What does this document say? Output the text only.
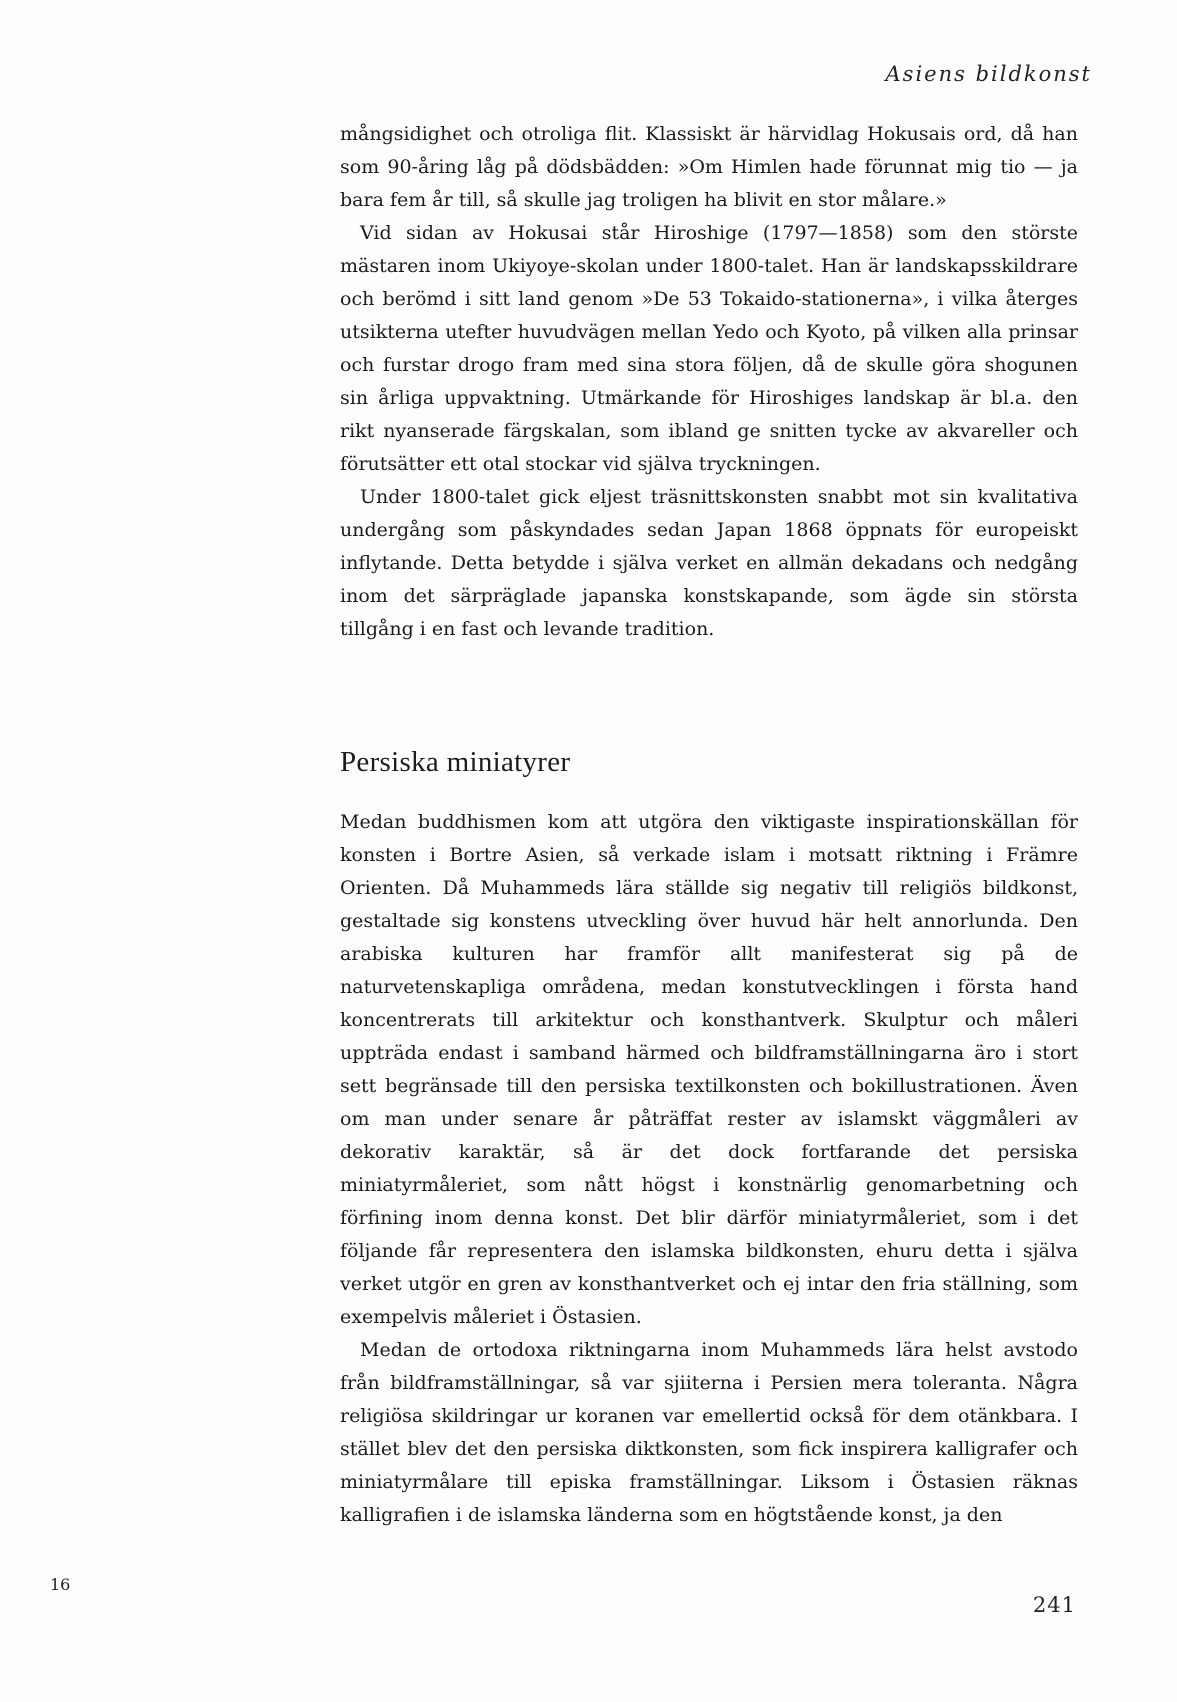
Asiens bildkonst

mångsidighet och otroliga flit. Klassiskt är härvidlag Hokusais ord, då han som 90-åring låg på dödsbädden: »Om Himlen hade förunnat mig tio — ja bara fem år till, så skulle jag troligen ha blivit en stor målare.»

Vid sidan av Hokusai står Hiroshige (1797—1858) som den störste mästaren inom Ukiyoye-skolan under 1800-talet. Han är landskapsskildrare och berömd i sitt land genom »De 53 Tokaido-stationerna», i vilka återges utsikterna utefter huvudvägen mellan Yedo och Kyoto, på vilken alla prinsar och furstar drogo fram med sina stora följen, då de skulle göra shogunen sin årliga uppvaktning. Utmärkande för Hiroshiges landskap är bl.a. den rikt nyanserade färgskalan, som ibland ge snitten tycke av akvareller och förutsätter ett otal stockar vid själva tryckningen.

Under 1800-talet gick eljest träsnittskonsten snabbt mot sin kvalitativa undergång som påskyndades sedan Japan 1868 öppnats för europeiskt inflytande. Detta betydde i själva verket en allmän dekadans och nedgång inom det särpräglade japanska konstskapande, som ägde sin största tillgång i en fast och levande tradition.

Persiska miniatyrer

Medan buddhismen kom att utgöra den viktigaste inspirationskällan för konsten i Bortre Asien, så verkade islam i motsatt riktning i Främre Orienten. Då Muhammeds lära ställde sig negativ till religiös bildkonst, gestaltade sig konstens utveckling över huvud här helt annorlunda. Den arabiska kulturen har framför allt manifesterat sig på de naturvetenskapliga områdena, medan konstutvecklingen i första hand koncentrerats till arkitektur och konsthantverk. Skulptur och måleri uppträda endast i samband härmed och bildframställningarna äro i stort sett begränsade till den persiska textilkonsten och bokillustrationen. Även om man under senare år påträffat rester av islamskt väggmåleri av dekorativ karaktär, så är det dock fortfarande det persiska miniatyrmåleriet, som nått högst i konstnärlig genomarbetning och förfining inom denna konst. Det blir därför miniatyrmåleriet, som i det följande får representera den islamska bildkonsten, ehuru detta i själva verket utgör en gren av konsthantverket och ej intar den fria ställning, som exempelvis måleriet i Östasien.

Medan de ortodoxa riktningarna inom Muhammeds lära helst avstodo från bildframställningar, så var sjiiterna i Persien mera toleranta. Några religiösa skildringar ur koranen var emellertid också för dem otänkbara. I stället blev det den persiska diktkonsten, som fick inspirera kalligrafer och miniatyrmålare till episka framställningar. Liksom i Östasien räknas kalligrafien i de islamska länderna som en högtstående konst, ja den

16
241
